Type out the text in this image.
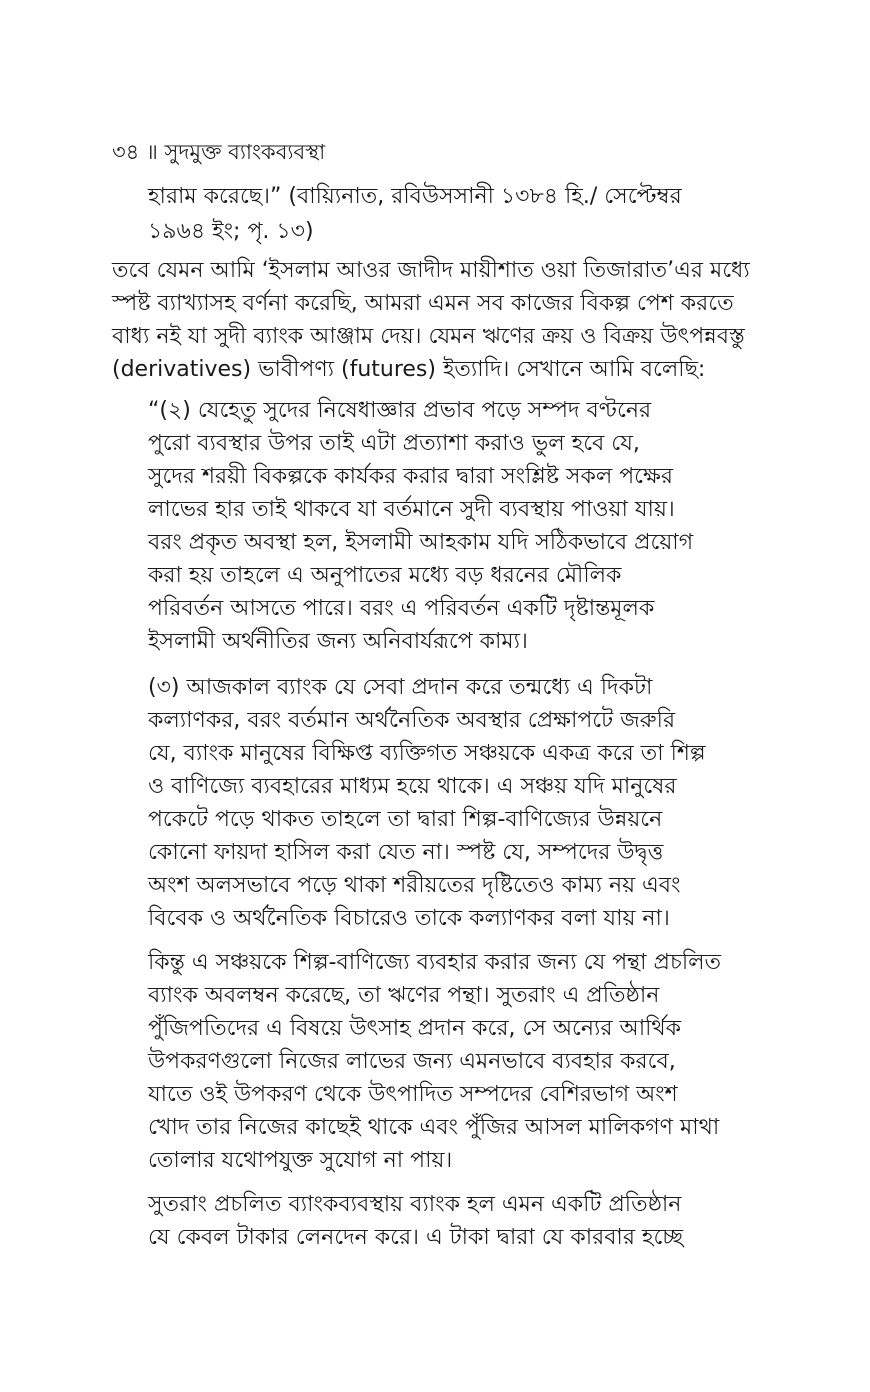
৩৪ ॥ সুদমুক্ত ব্যাংকব্যবস্থা
হারাম করেছে।” (বায়্যিনাত, রবিউসসানী ১৩৮৪ হি./ সেপ্টেম্বর
১৯৬৪ ইং; পৃ. ১৩)
তবে যেমন আমি ‘ইসলাম আওর জাদীদ মায়ীশাত ওয়া তিজারাত’এর মধ্যে
স্পষ্ট ব্যাখ্যাসহ বর্ণনা করেছি, আমরা এমন সব কাজের বিকল্প পেশ করতে
বাধ্য নই যা সুদী ব্যাংক আঞ্জাম দেয়। যেমন ঋণের ক্রয় ও বিক্রয় উৎপন্নবস্তু
(derivatives) ভাবীপণ্য (futures) ইত্যাদি। সেখানে আমি বলেছি:
“(২) যেহেতু সুদের নিষেধাজ্ঞার প্রভাব পড়ে সম্পদ বণ্টনের
পুরো ব্যবস্থার উপর তাই এটা প্রত্যাশা করাও ভুল হবে যে,
সুদের শরয়ী বিকল্পকে কার্যকর করার দ্বারা সংশ্লিষ্ট সকল পক্ষের
লাভের হার তাই থাকবে যা বর্তমানে সুদী ব্যবস্থায় পাওয়া যায়।
বরং প্রকৃত অবস্থা হল, ইসলামী আহকাম যদি সঠিকভাবে প্রয়োগ
করা হয় তাহলে এ অনুপাতের মধ্যে বড় ধরনের মৌলিক
পরিবর্তন আসতে পারে। বরং এ পরিবর্তন একটি দৃষ্টান্তমূলক
ইসলামী অর্থনীতির জন্য অনিবার্যরূপে কাম্য।
(৩) আজকাল ব্যাংক যে সেবা প্রদান করে তন্মধ্যে এ দিকটা
কল্যাণকর, বরং বর্তমান অর্থনৈতিক অবস্থার প্রেক্ষাপটে জরুরি
যে, ব্যাংক মানুষের বিক্ষিপ্ত ব্যক্তিগত সঞ্চয়কে একত্র করে তা শিল্প
ও বাণিজ্যে ব্যবহারের মাধ্যম হয়ে থাকে। এ সঞ্চয় যদি মানুষের
পকেটে পড়ে থাকত তাহলে তা দ্বারা শিল্প-বাণিজ্যের উন্নয়নে
কোনো ফায়দা হাসিল করা যেত না। স্পষ্ট যে, সম্পদের উদ্বৃত্ত
অংশ অলসভাবে পড়ে থাকা শরীয়তের দৃষ্টিতেও কাম্য নয় এবং
বিবেক ও অর্থনৈতিক বিচারেও তাকে কল্যাণকর বলা যায় না।
কিন্তু এ সঞ্চয়কে শিল্প-বাণিজ্যে ব্যবহার করার জন্য যে পন্থা প্রচলিত
ব্যাংক অবলম্বন করেছে, তা ঋণের পন্থা। সুতরাং এ প্রতিষ্ঠান
পুঁজিপতিদের এ বিষয়ে উৎসাহ প্রদান করে, সে অন্যের আর্থিক
উপকরণগুলো নিজের লাভের জন্য এমনভাবে ব্যবহার করবে,
যাতে ওই উপকরণ থেকে উৎপাদিত সম্পদের বেশিরভাগ অংশ
খোদ তার নিজের কাছেই থাকে এবং পুঁজির আসল মালিকগণ মাথা
তোলার যথোপযুক্ত সুযোগ না পায়।
সুতরাং প্রচলিত ব্যাংকব্যবস্থায় ব্যাংক হল এমন একটি প্রতিষ্ঠান
যে কেবল টাকার লেনদেন করে। এ টাকা দ্বারা যে কারবার হচ্ছে
